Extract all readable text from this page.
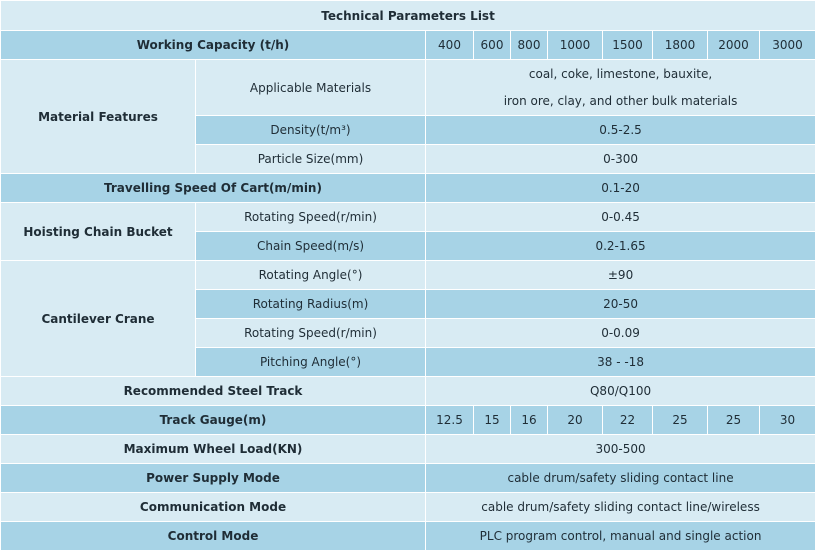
Technical Parameters List									
Working Capacity (t/h)		400	600	800	1000	1500	1800	2000	3000
Material Features	Applicable Materials	coal, coke, limestone, bauxite,
iron ore, clay, and other bulk materials							

	Density(t/m³)	0.5-2.5							
	Particle Size(mm)	0-300							
Travelling Speed Of Cart(m/min)		0.1-20							
Hoisting Chain Bucket	Rotating Speed(r/min)	0-0.45							
	Chain Speed(m/s)	0.2-1.65							
Cantilever Crane	Rotating Angle(°)	±90							
	Rotating Radius(m)	20-50							
	Rotating Speed(r/min)	0-0.09							
	Pitching Angle(°)	38 - -18							
Recommended Steel Track		Q80/Q100							
Track Gauge(m)		12.5	15	16	20	22	25	25	30
Maximum Wheel Load(KN)		300-500							
Power Supply Mode		cable drum/safety sliding contact line							
Communication Mode		cable drum/safety sliding contact line/wireless							
Control Mode		PLC program control, manual and single action							
